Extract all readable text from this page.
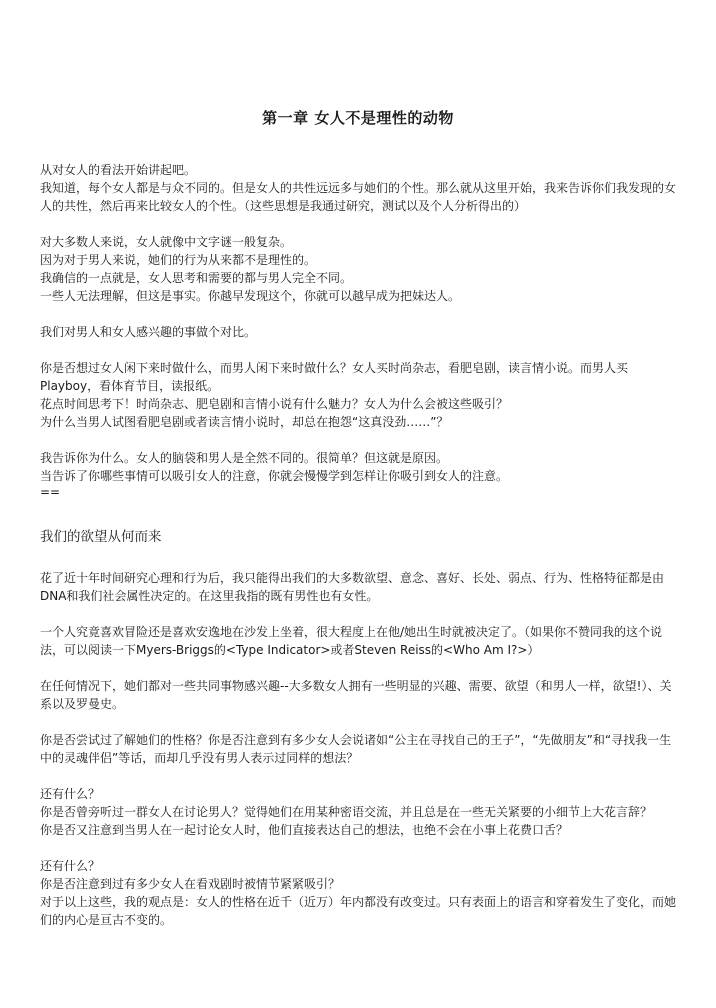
第一章 女人不是理性的动物
从对女人的看法开始讲起吧。
我知道，每个女人都是与众不同的。但是女人的共性远远多与她们的个性。那么就从这里开始，我来告诉你们我发现的女人的共性，然后再来比较女人的个性。（这些思想是我通过研究，测试以及个人分析得出的）
对大多数人来说，女人就像中文字谜一般复杂。
因为对于男人来说，她们的行为从来都不是理性的。
我确信的一点就是，女人思考和需要的都与男人完全不同。
一些人无法理解，但这是事实。你越早发现这个，你就可以越早成为把妹达人。
我们对男人和女人感兴趣的事做个对比。
你是否想过女人闲下来时做什么，而男人闲下来时做什么？女人买时尚杂志，看肥皂剧，读言情小说。而男人买Playboy，看体育节目，读报纸。
花点时间思考下！时尚杂志、肥皂剧和言情小说有什么魅力？女人为什么会被这些吸引？
为什么当男人试图看肥皂剧或者读言情小说时，却总在抱怨“这真没劲……”？
我告诉你为什么。女人的脑袋和男人是全然不同的。很简单？但这就是原因。
当告诉了你哪些事情可以吸引女人的注意，你就会慢慢学到怎样让你吸引到女人的注意。
==
我们的欲望从何而来
花了近十年时间研究心理和行为后，我只能得出我们的大多数欲望、意念、喜好、长处、弱点、行为、性格特征都是由DNA和我们社会属性决定的。在这里我指的既有男性也有女性。
一个人究竟喜欢冒险还是喜欢安逸地在沙发上坐着，很大程度上在他/她出生时就被决定了。（如果你不赞同我的这个说法，可以阅读一下Myers-Briggs的<Type Indicator>或者Steven Reiss的<Who Am I?>）
在任何情况下，她们都对一些共同事物感兴趣--大多数女人拥有一些明显的兴趣、需要、欲望（和男人一样，欲望!）、关系以及罗曼史。
你是否尝试过了解她们的性格？你是否注意到有多少女人会说诸如“公主在寻找自己的王子”，“先做朋友”和“寻找我一生中的灵魂伴侣”等话，而却几乎没有男人表示过同样的想法？
还有什么？
你是否曾旁听过一群女人在讨论男人？觉得她们在用某种密语交流，并且总是在一些无关紧要的小细节上大花言辞？
你是否又注意到当男人在一起讨论女人时，他们直接表达自己的想法，也绝不会在小事上花费口舌？
还有什么？
你是否注意到过有多少女人在看戏剧时被情节紧紧吸引？
对于以上这些，我的观点是：女人的性格在近千（近万）年内都没有改变过。只有表面上的语言和穿着发生了变化，而她们的内心是亘古不变的。
